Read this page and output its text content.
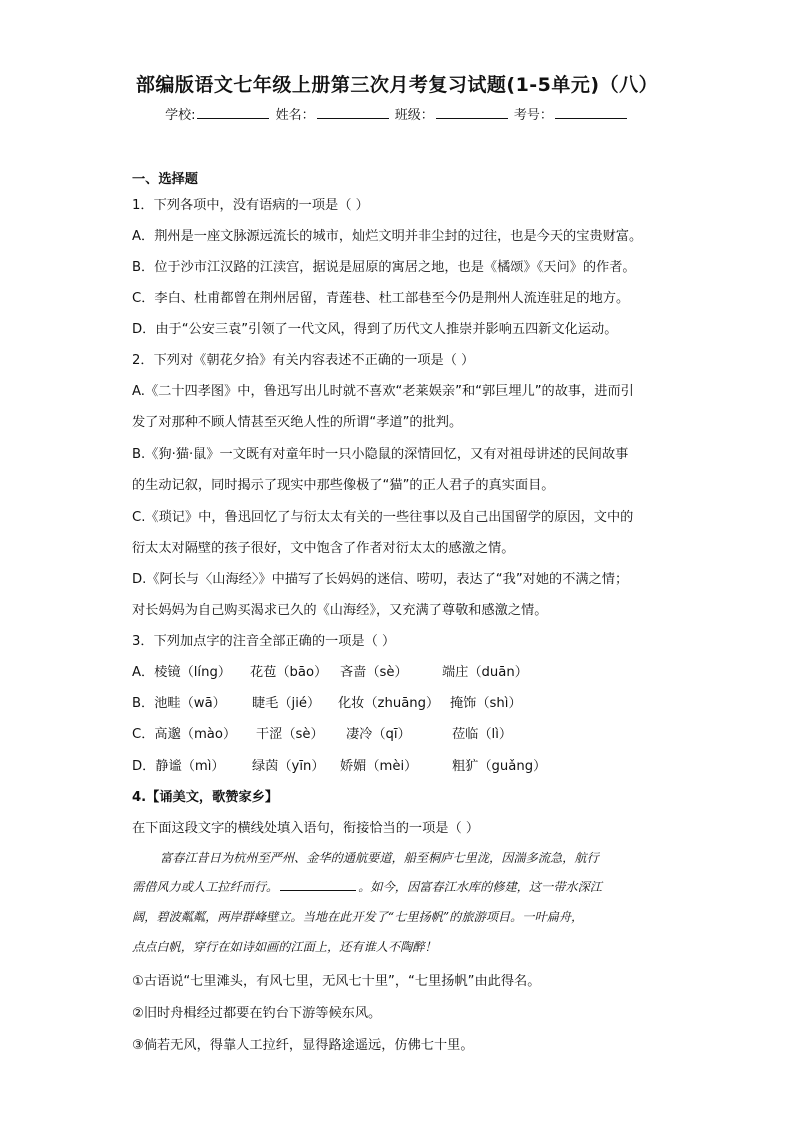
部编版语文七年级上册第三次月考复习试题(1-5单元)（八）
学校:	姓名：	班级：	考号：
一、选择题
1．下列各项中，没有语病的一项是（ ）
A．荆州是一座文脉源远流长的城市，灿烂文明并非尘封的过往，也是今天的宝贵财富。
B．位于沙市江汉路的江渎宫，据说是屈原的寓居之地，也是《橘颂》《天问》的作者。
C．李白、杜甫都曾在荆州居留，青莲巷、杜工部巷至今仍是荆州人流连驻足的地方。
D．由于“公安三袁”引领了一代文风，得到了历代文人推崇并影响五四新文化运动。
2．下列对《朝花夕拾》有关内容表述不正确的一项是（ ）
A.《二十四孝图》中，鲁迅写出儿时就不喜欢“老莱娱亲”和“郭巨埋儿”的故事，进而引
发了对那种不顾人情甚至灭绝人性的所谓“孝道”的批判。
B.《狗·猫·鼠》一文既有对童年时一只小隐鼠的深情回忆，又有对祖母讲述的民间故事
的生动记叙，同时揭示了现实中那些像极了“猫”的正人君子的真实面目。
C.《琐记》中，鲁迅回忆了与衍太太有关的一些往事以及自己出国留学的原因，文中的
衍太太对隔壁的孩子很好，文中饱含了作者对衍太太的感激之情。
D.《阿长与〈山海经〉》中描写了长妈妈的迷信、唠叨，表达了“我”对她的不满之情；
对长妈妈为自己购买渴求已久的《山海经》，又充满了尊敬和感激之情。
3．下列加点字的注音全部正确的一项是（ ）
A．棱镜（líng） 花苞（bāo） 吝啬（sè）	端庄（duān）
B．池畦（wā） 睫毛（jié） 化妆（zhuāng） 掩饰（shì）
C．高邈（mào） 干涩（sè） 凄冷（qī）	莅临（lì）
D．静谧（mì） 绿茵（yīn） 娇媚（mèi）	粗犷（guǎng）
4.【诵美文，歌赞家乡】
在下面这段文字的横线处填入语句，衔接恰当的一项是（ ）
富春江昔日为杭州至严州、金华的通航要道，船至桐庐七里泷，因湍多流急，航行
需借风力或人工拉纤而行。	。如今，因富春江水库的修建，这一带水深江
阔，碧波粼粼，两岸群峰壁立。当地在此开发了“七里扬帆”的旅游项目。一叶扁舟，
点点白帆，穿行在如诗如画的江面上，还有谁人不陶醉！
①古语说“七里滩头，有风七里，无风七十里”，“七里扬帆”由此得名。
②旧时舟楫经过都要在钓台下游等候东风。
③倘若无风，得靠人工拉纤，显得路途遥远，仿佛七十里。
